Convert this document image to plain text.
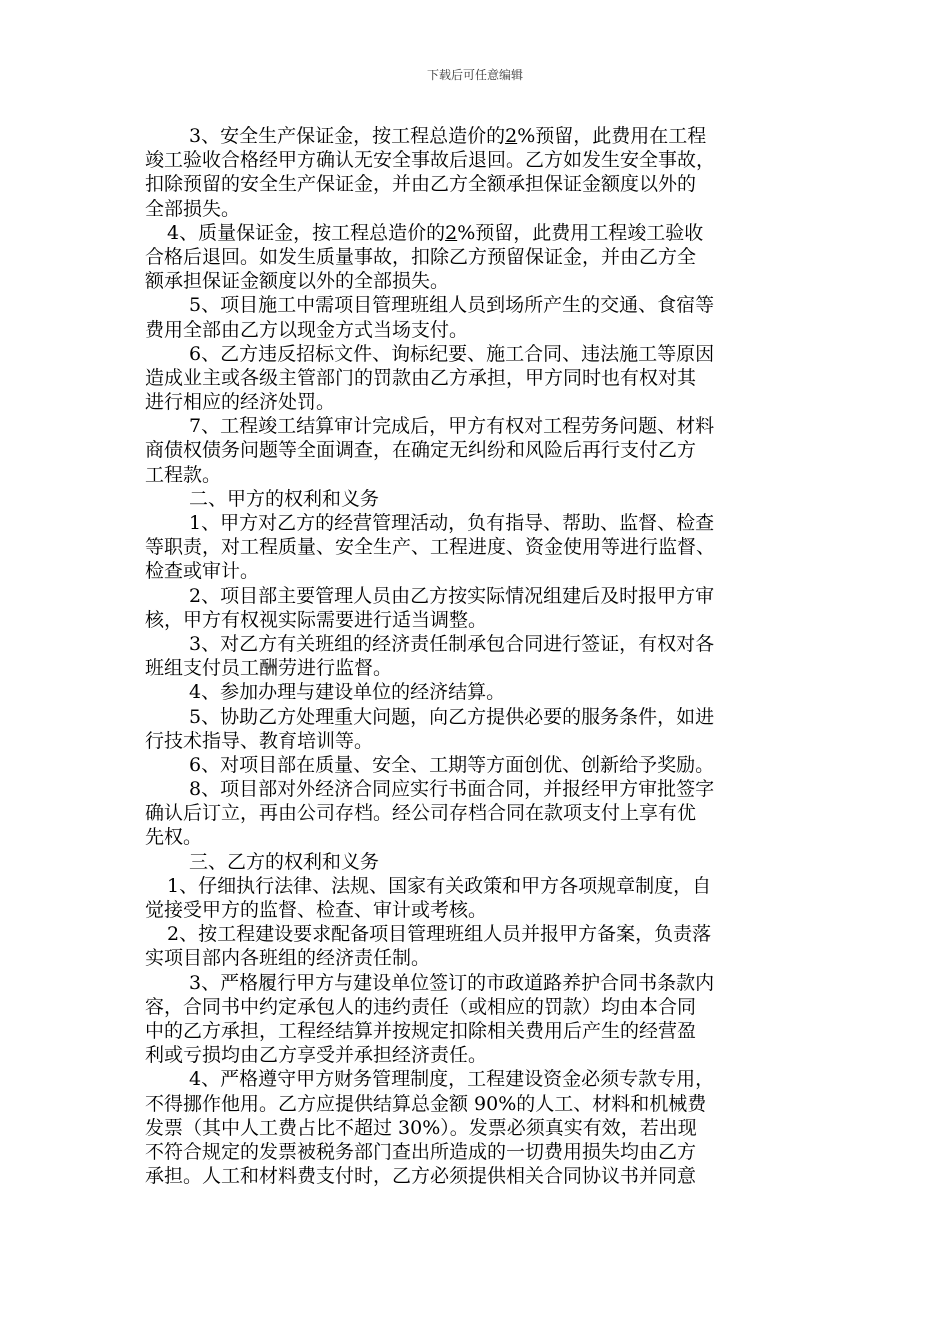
下载后可任意编辑
3、安全生产保证金，按工程总造价的2%预留，此费用在工程
竣工验收合格经甲方确认无安全事故后退回。乙方如发生安全事故，
扣除预留的安全生产保证金，并由乙方全额承担保证金额度以外的
全部损失。
4、质量保证金，按工程总造价的2%预留，此费用工程竣工验收
合格后退回。如发生质量事故，扣除乙方预留保证金，并由乙方全
额承担保证金额度以外的全部损失。
5、项目施工中需项目管理班组人员到场所产生的交通、食宿等
费用全部由乙方以现金方式当场支付。
6、乙方违反招标文件、询标纪要、施工合同、违法施工等原因
造成业主或各级主管部门的罚款由乙方承担，甲方同时也有权对其
进行相应的经济处罚。
7、工程竣工结算审计完成后，甲方有权对工程劳务问题、材料
商债权债务问题等全面调查，在确定无纠纷和风险后再行支付乙方
工程款。
二、甲方的权利和义务
1、甲方对乙方的经营管理活动，负有指导、帮助、监督、检查
等职责，对工程质量、安全生产、工程进度、资金使用等进行监督、
检查或审计。
2、项目部主要管理人员由乙方按实际情况组建后及时报甲方审
核，甲方有权视实际需要进行适当调整。
3、对乙方有关班组的经济责任制承包合同进行签证，有权对各
班组支付员工酬劳进行监督。
4、参加办理与建设单位的经济结算。
5、协助乙方处理重大问题，向乙方提供必要的服务条件，如进
行技术指导、教育培训等。
6、对项目部在质量、安全、工期等方面创优、创新给予奖励。
8、项目部对外经济合同应实行书面合同，并报经甲方审批签字
确认后订立，再由公司存档。经公司存档合同在款项支付上享有优
先权。
三、乙方的权利和义务
1、仔细执行法律、法规、国家有关政策和甲方各项规章制度，自
觉接受甲方的监督、检查、审计或考核。
2、按工程建设要求配备项目管理班组人员并报甲方备案，负责落
实项目部内各班组的经济责任制。
3、严格履行甲方与建设单位签订的市政道路养护合同书条款内
容，合同书中约定承包人的违约责任（或相应的罚款）均由本合同
中的乙方承担，工程经结算并按规定扣除相关费用后产生的经营盈
利或亏损均由乙方享受并承担经济责任。
4、严格遵守甲方财务管理制度，工程建设资金必须专款专用，
不得挪作他用。乙方应提供结算总金额 90%的人工、材料和机械费
发票（其中人工费占比不超过 30%）。发票必须真实有效，若出现
不符合规定的发票被税务部门查出所造成的一切费用损失均由乙方
承担。人工和材料费支付时，乙方必须提供相关合同协议书并同意
